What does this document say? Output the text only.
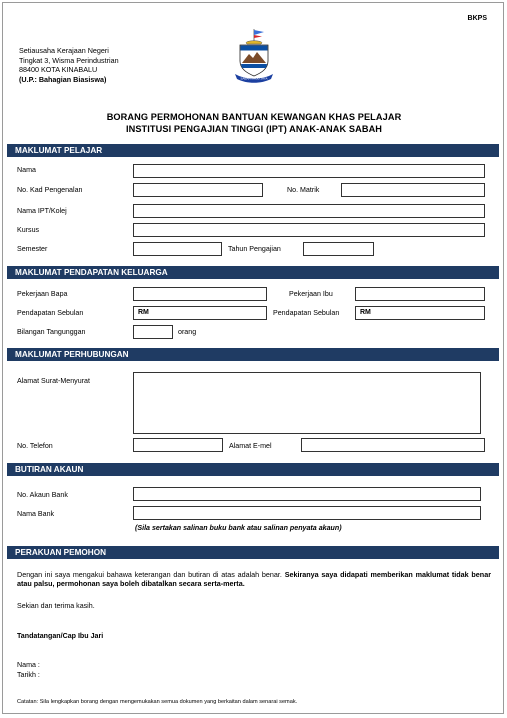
BKPS
Setiausaha Kerajaan Negeri
Tingkat 3, Wisma Perindustrian
88400 KOTA KINABALU
(U.P.: Bahagian Biasiswa)	SABAH MAJU JAYA
BORANG PERMOHONAN BANTUAN KEWANGAN KHAS PELAJAR
INSTITUSI PENGAJIAN TINGGI (IPT) ANAK-ANAK SABAH
MAKLUMAT PELAJAR
Nama
No. Kad Pengenalan	No. Matrik
Nama IPT/Kolej
Kursus
Semester	Tahun Pengajian
MAKLUMAT PENDAPATAN KELUARGA
Pekerjaan Bapa	Pekerjaan Ibu
Pendapatan Sebulan	RM	Pendapatan Sebulan	RM
Bilangan Tangunggan	orang
MAKLUMAT PERHUBUNGAN
Alamat Surat-Menyurat
No. Telefon	Alamat E-mel
BUTIRAN AKAUN
No. Akaun Bank
Nama Bank
(Sila sertakan salinan buku bank atau salinan penyata akaun)
PERAKUAN PEMOHON
Dengan ini saya mengakui bahawa keterangan dan butiran di atas adalah benar. Sekiranya saya didapati memberikan maklumat tidak benar atau palsu, permohonan saya boleh dibatalkan secara serta-merta.
Sekian dan terima kasih.
Tandatangan/Cap Ibu Jari
Nama :
Tarikh :
Catatan: Sila lengkapkan borang dengan mengemukakan semua dokumen yang berkaitan dalam senarai semak.
